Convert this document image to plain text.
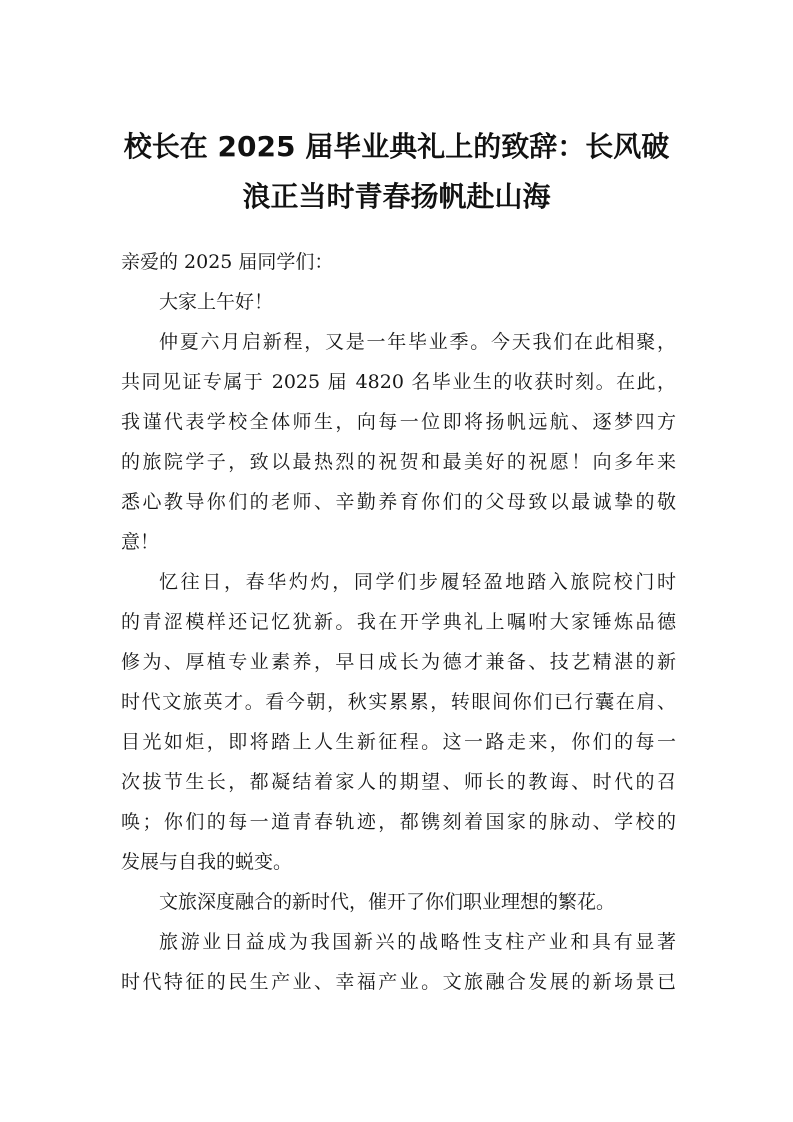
校长在 2025 届毕业典礼上的致辞：长风破
浪正当时青春扬帆赴山海

亲爱的 2025 届同学们：

大家上午好！

仲夏六月启新程，又是一年毕业季。今天我们在此相聚，
共同见证专属于 2025 届 4820 名毕业生的收获时刻。在此，
我谨代表学校全体师生，向每一位即将扬帆远航、逐梦四方
的旅院学子，致以最热烈的祝贺和最美好的祝愿！向多年来
悉心教导你们的老师、辛勤养育你们的父母致以最诚挚的敬
意！

忆往日，春华灼灼，同学们步履轻盈地踏入旅院校门时
的青涩模样还记忆犹新。我在开学典礼上嘱咐大家锤炼品德
修为、厚植专业素养，早日成长为德才兼备、技艺精湛的新
时代文旅英才。看今朝，秋实累累，转眼间你们已行囊在肩、
目光如炬，即将踏上人生新征程。这一路走来，你们的每一
次拔节生长，都凝结着家人的期望、师长的教诲、时代的召
唤；你们的每一道青春轨迹，都镌刻着国家的脉动、学校的
发展与自我的蜕变。

文旅深度融合的新时代，催开了你们职业理想的繁花。

旅游业日益成为我国新兴的战略性支柱产业和具有显著
时代特征的民生产业、幸福产业。文旅融合发展的新场景已
